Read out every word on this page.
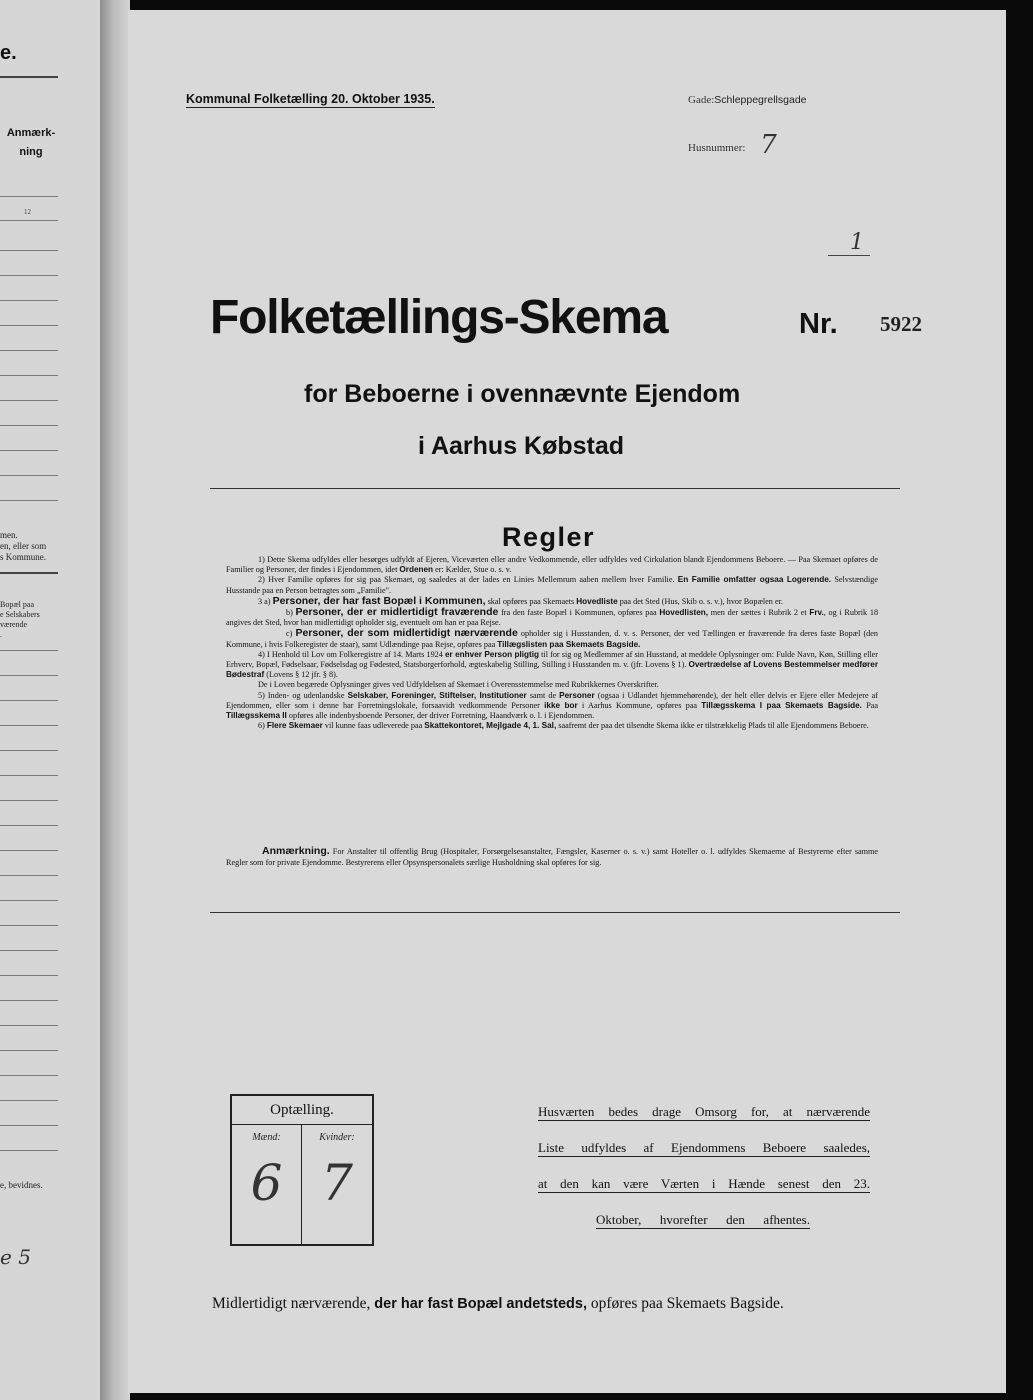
e.
Anmærk-
ning
12
men.
en, eller som
s Kommune.
Bopæl paa
e Selskabers
værende
.
e, bevidnes.
e 5
Kommunal Folketælling 20. Oktober 1935.	Gade:Schleppegrellsgade
Husnummer: 7
1
Folketællings-Skema	Nr. 5922
for Beboerne i ovennævnte Ejendom
i Aarhus Købstad
Regler

1) Dette Skema udfyldes eller besørges udfyldt af Ejeren, Viceværten eller andre Vedkommende, eller udfyldes ved Cirkulation blandt Ejendommens Beboere. — Paa Skemaet opføres de Familier og Personer, der findes i Ejendommen, idet Ordenen er: Kælder, Stue o. s. v.

2) Hver Familie opføres for sig paa Skemaet, og saaledes at der lades en Linies Mellemrum aaben mellem hver Familie. En Familie omfatter ogsaa Logerende. Selvstændige Husstande paa en Person betragtes som „Familie".

3 a) Personer, der har fast Bopæl i Kommunen, skal opføres paa Skemaets Hovedliste paa det Sted (Hus, Skib o. s. v.), hvor Bopælen er.

b) Personer, der er midlertidigt fraværende fra den faste Bopæl i Kommunen, opføres paa Hovedlisten, men der sættes i Rubrik 2 et Frv., og i Rubrik 18 angives det Sted, hvor han midlertidigt opholder sig, eventuelt om han er paa Rejse.

c) Personer, der som midlertidigt nærværende opholder sig i Husstanden, d. v. s. Personer, der ved Tællingen er fraværende fra deres faste Bopæl (den Kommune, i hvis Folkeregister de staar), samt Udlændinge paa Rejse, opføres paa Tillægslisten paa Skemaets Bagside.

4) I Henhold til Lov om Folkeregistre af 14. Marts 1924 er enhver Person pligtig til for sig og Medlemmer af sin Husstand, at meddele Oplysninger om: Fulde Navn, Køn, Stilling eller Erhverv, Bopæl, Fødselsaar, Fødselsdag og Fødested, Statsborgerforhold, ægteskabelig Stilling, Stilling i Husstanden m. v. (jfr. Lovens § 1). Overtrædelse af Lovens Bestemmelser medfører Bødestraf (Lovens § 12 jfr. § 8).

De i Loven begærede Oplysninger gives ved Udfyldelsen af Skemaet i Overensstemmelse med Rubrikkernes Overskrifter.

5) Inden- og udenlandske Selskaber, Foreninger, Stiftelser, Institutioner samt de Personer (ogsaa i Udlandet hjemmehørende), der helt eller delvis er Ejere eller Medejere af Ejendommen, eller som i denne har Forretningslokale, forsaavidt vedkommende Personer ikke bor i Aarhus Kommune, opføres paa Tillægsskema I paa Skemaets Bagside. Paa Tillægsskema II opføres alle indenbysboende Personer, der driver Forretning, Haandværk o. l. i Ejendommen.

6) Flere Skemaer vil kunne faas udleverede paa Skattekontoret, Mejlgade 4, 1. Sal, saafremt der paa det tilsendte Skema ikke er tilstrækkelig Plads til alle Ejendommens Beboere.

Anmærkning. For Anstalter til offentlig Brug (Hospitaler, Forsørgelsesanstalter, Fængsler, Kaserner o. s. v.) samt Hoteller o. l. udfyldes Skemaerne af Bestyrerne efter samme Regler som for private Ejendomme. Bestyrerens eller Opsynspersonalets særlige Husholdning skal opføres for sig.
Optælling.
Mænd:	Kvinder:
6 7
Husværten bedes drage Omsorg for, at nærværende
Liste udfyldes af Ejendommens Beboere saaledes,
at den kan være Værten i Hænde senest den 23.
Oktober, hvorefter den afhentes.
Midlertidigt nærværende, der har fast Bopæl andetsteds, opføres paa Skemaets Bagside.
